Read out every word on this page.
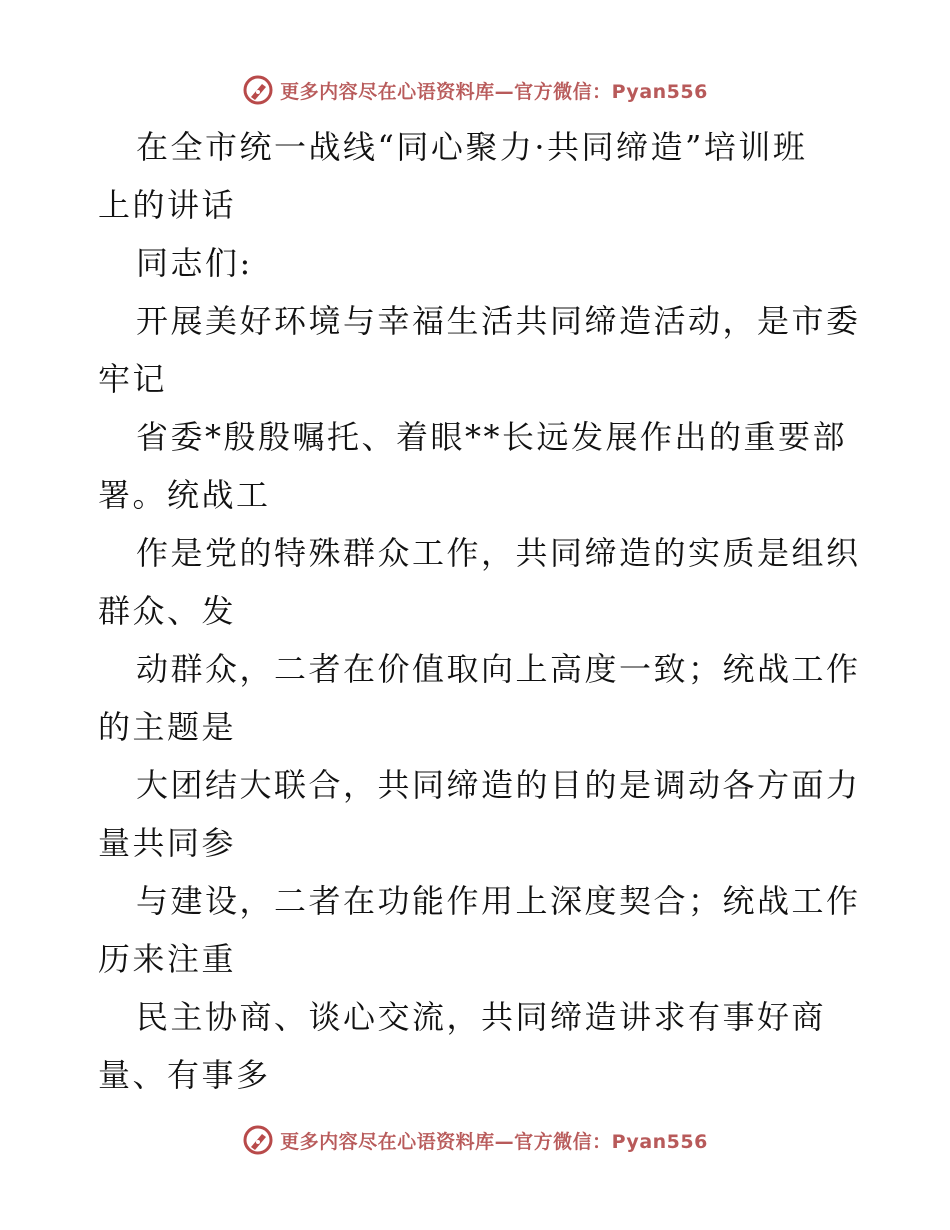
更多内容尽在心语资料库—官方微信：Pyan556
在全市统一战线“同心聚力·共同缔造”培训班
上的讲话
同志们:
开展美好环境与幸福生活共同缔造活动，是市委
牢记
省委*殷殷嘱托、着眼**长远发展作出的重要部
署。统战工
作是党的特殊群众工作，共同缔造的实质是组织
群众、发
动群众，二者在价值取向上高度一致；统战工作
的主题是
大团结大联合，共同缔造的目的是调动各方面力
量共同参
与建设，二者在功能作用上深度契合；统战工作
历来注重
民主协商、谈心交流，共同缔造讲求有事好商
量、有事多
更多内容尽在心语资料库—官方微信：Pyan556
